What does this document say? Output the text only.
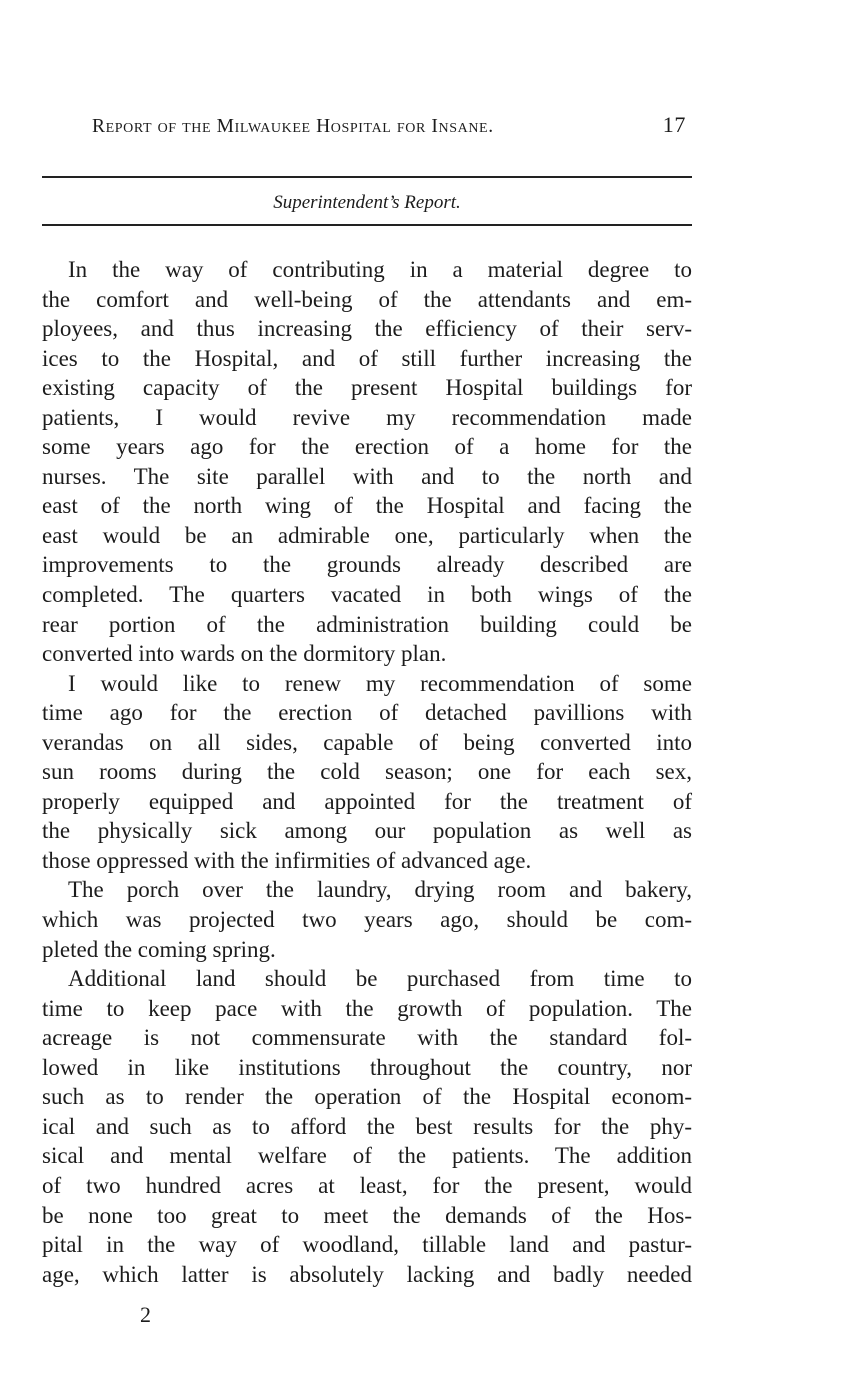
Report of the Milwaukee Hospital for Insane.	17
Superintendent’s Report.
In the way of contributing in a material degree to
the comfort and well-being of the attendants and em-
ployees, and thus increasing the efficiency of their serv-
ices to the Hospital, and of still further increasing the
existing capacity of the present Hospital buildings for
patients, I would revive my recommendation made
some years ago for the erection of a home for the
nurses. The site parallel with and to the north and
east of the north wing of the Hospital and facing the
east would be an admirable one, particularly when the
improvements to the grounds already described are
completed. The quarters vacated in both wings of the
rear portion of the administration building could be
converted into wards on the dormitory plan.
I would like to renew my recommendation of some
time ago for the erection of detached pavillions with
verandas on all sides, capable of being converted into
sun rooms during the cold season; one for each sex,
properly equipped and appointed for the treatment of
the physically sick among our population as well as
those oppressed with the infirmities of advanced age.
The porch over the laundry, drying room and bakery,
which was projected two years ago, should be com-
pleted the coming spring.
Additional land should be purchased from time to
time to keep pace with the growth of population. The
acreage is not commensurate with the standard fol-
lowed in like institutions throughout the country, nor
such as to render the operation of the Hospital econom-
ical and such as to afford the best results for the phy-
sical and mental welfare of the patients. The addition
of two hundred acres at least, for the present, would
be none too great to meet the demands of the Hos-
pital in the way of woodland, tillable land and pastur-
age, which latter is absolutely lacking and badly needed
2
